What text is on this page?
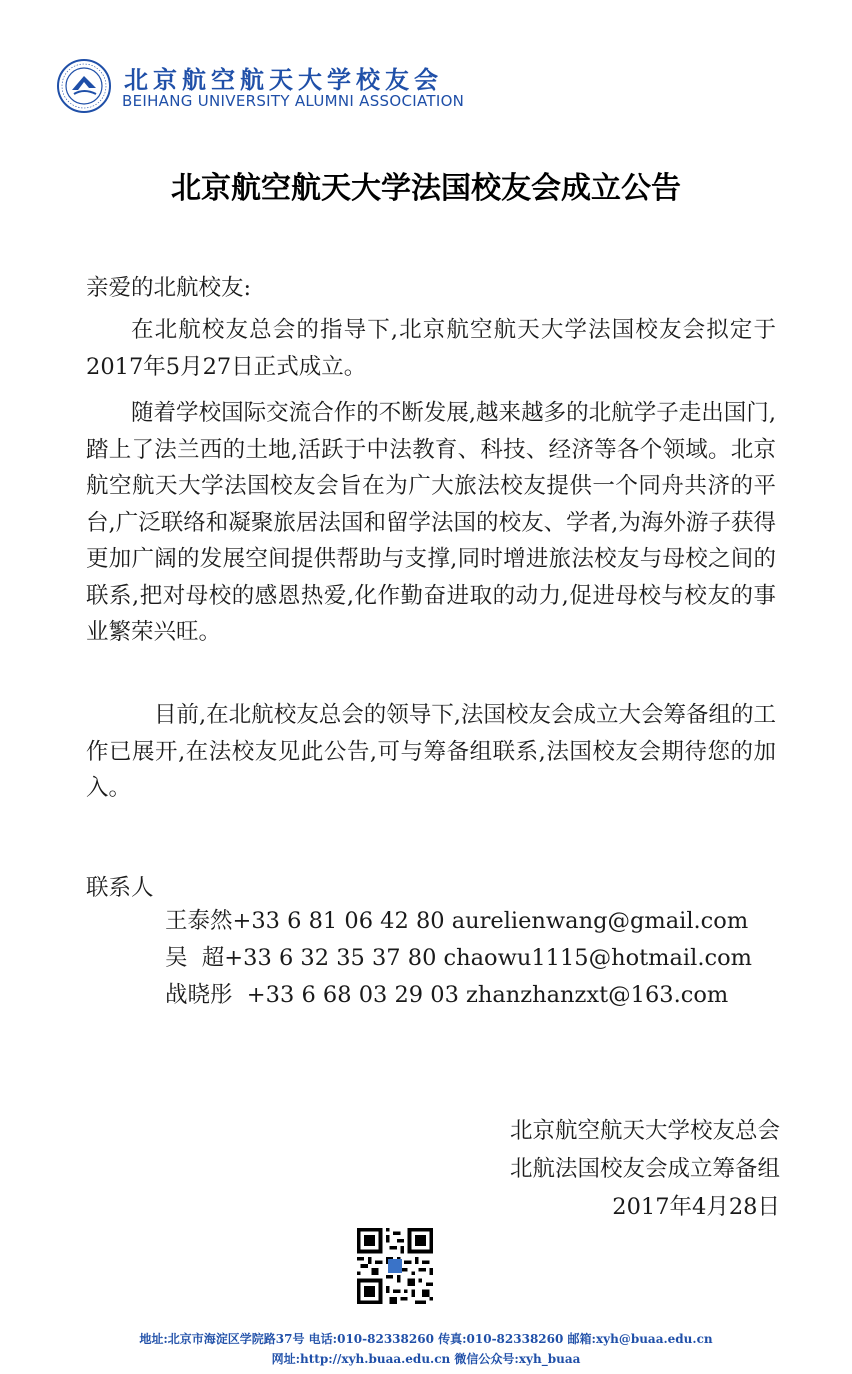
北京航空航天大学校友会
BEIHANG UNIVERSITY ALUMNI ASSOCIATION
北京航空航天大学法国校友会成立公告

亲爱的北航校友:

在北航校友总会的指导下,北京航空航天大学法国校友会拟定于2017年5月27日正式成立。

随着学校国际交流合作的不断发展,越来越多的北航学子走出国门,踏上了法兰西的土地,活跃于中法教育、科技、经济等各个领域。北京航空航天大学法国校友会旨在为广大旅法校友提供一个同舟共济的平台,广泛联络和凝聚旅居法国和留学法国的校友、学者,为海外游子获得更加广阔的发展空间提供帮助与支撑,同时增进旅法校友与母校之间的联系,把对母校的感恩热爱,化作勤奋进取的动力,促进母校与校友的事业繁荣兴旺。

目前,在北航校友总会的领导下,法国校友会成立大会筹备组的工作已展开,在法校友见此公告,可与筹备组联系,法国校友会期待您的加入。

联系人
王泰然+33 6 81 06 42 80 aurelienwang@gmail.com
吴  超+33 6 32 35 37 80 chaowu1115@hotmail.com
战晓彤  +33 6 68 03 29 03 zhanzhanzxt@163.com
北京航空航天大学校友总会
北航法国校友会成立筹备组
2017年4月28日
地址:北京市海淀区学院路37号 电话:010-82338260 传真:010-82338260 邮箱:xyh@buaa.edu.cn
网址:http://xyh.buaa.edu.cn 微信公众号:xyh_buaa
